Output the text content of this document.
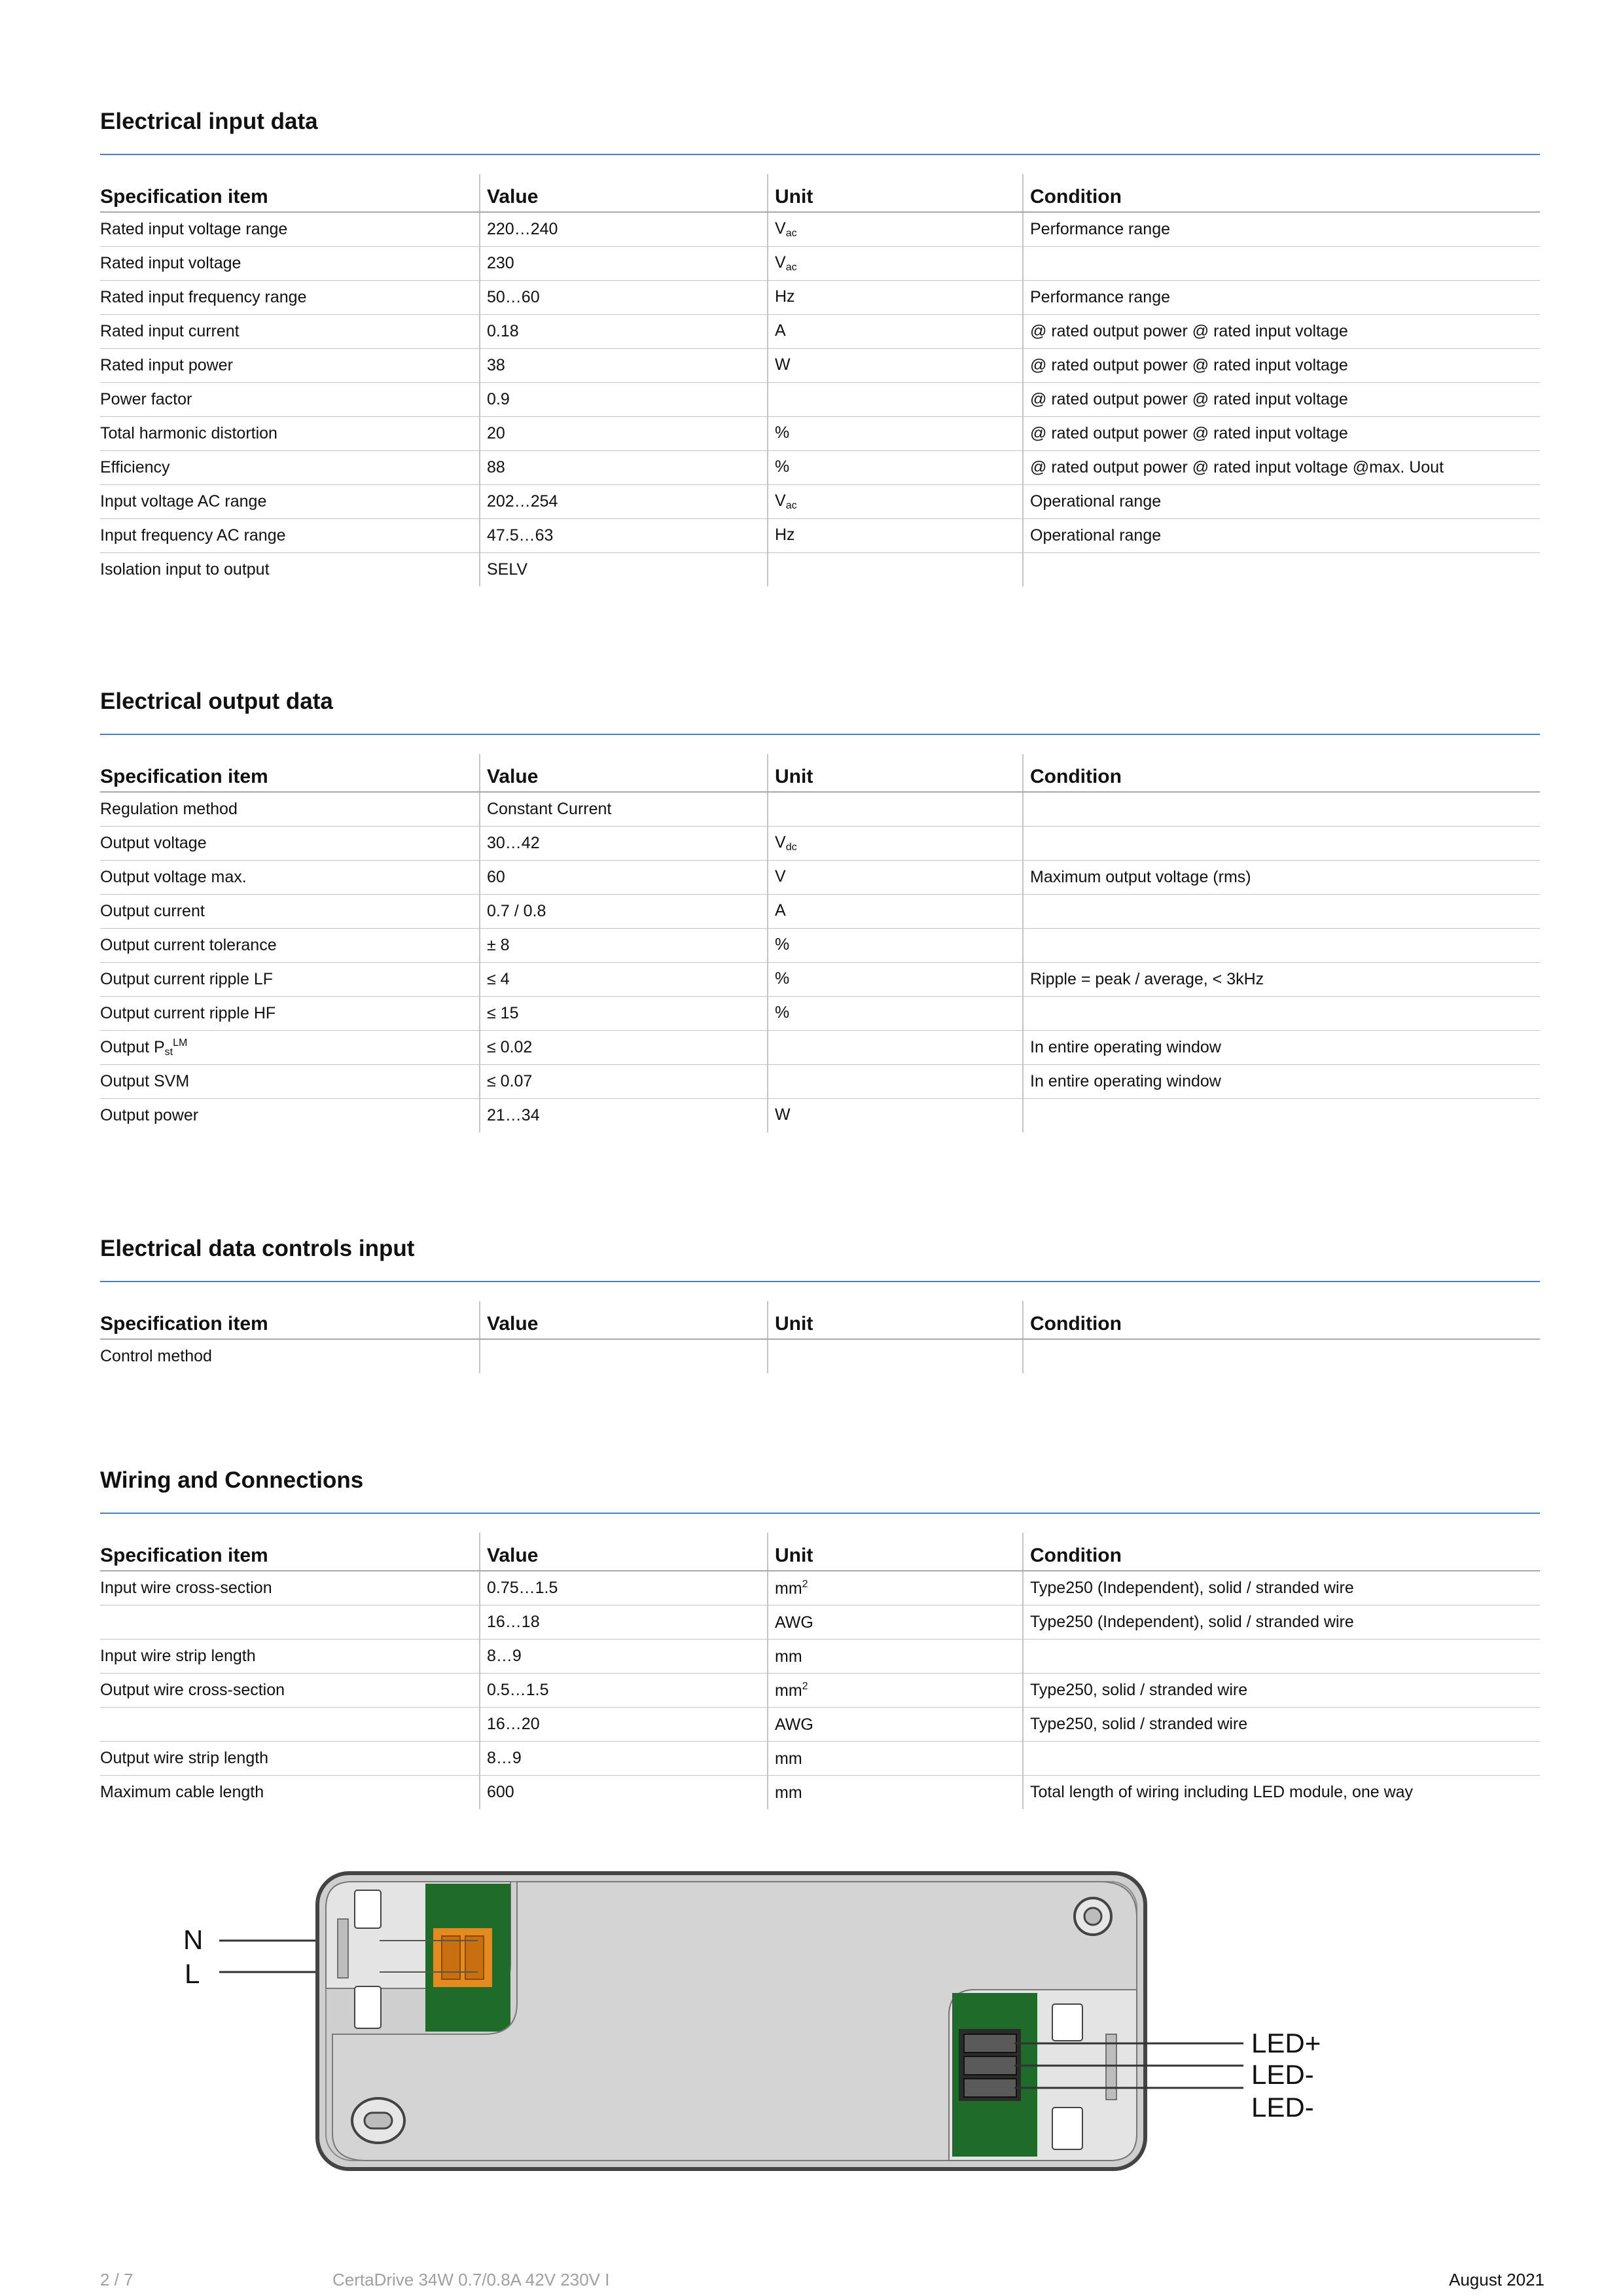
Electrical input data
Specification item	Value	Unit	Condition
Rated input voltage range	220…240	$V_{ac}$	Performance range
Rated input voltage	230	$V_{ac}$	
Rated input frequency range	50…60	Hz	Performance range
Rated input current	0.18	A	@ rated output power @ rated input voltage
Rated input power	38	W	@ rated output power @ rated input voltage
Power factor	0.9		@ rated output power @ rated input voltage
Total harmonic distortion	20	%	@ rated output power @ rated input voltage
Efficiency	88	%	@ rated output power @ rated input voltage @max. Uout
Input voltage AC range	202…254	$V_{ac}$	Operational range
Input frequency AC range	47.5…63	Hz	Operational range
Isolation input to output	SELV		
Electrical output data
Specification item	Value	Unit	Condition
Regulation method	Constant Current		
Output voltage	30…42	$V_{dc}$	
Output voltage max.	60	V	Maximum output voltage (rms)
Output current	0.7 / 0.8	A	
Output current tolerance	± 8	%	
Output current ripple LF	≤ 4	%	Ripple = peak / average, < 3kHz
Output current ripple HF	≤ 15	%	
Output $P_{st}^{LM}$	≤ 0.02		In entire operating window
Output SVM	≤ 0.07		In entire operating window
Output power	21…34	W	
Electrical data controls input
Specification item	Value	Unit	Condition
Control method			
Wiring and Connections
Specification item	Value	Unit	Condition
Input wire cross-section	0.75…1.5	$mm^2$	Type250 (Independent), solid / stranded wire
	16…18	AWG	Type250 (Independent), solid / stranded wire
Input wire strip length	8…9	mm	
Output wire cross-section	0.5…1.5	$mm^2$	Type250, solid / stranded wire
	16…20	AWG	Type250, solid / stranded wire
Output wire strip length	8…9	mm	
Maximum cable length	600	mm	Total length of wiring including LED module, one way
N
L
LED+
LED-
LED-
2 / 7	CertaDrive 34W 0.7/0.8A 42V 230V I	August 2021
